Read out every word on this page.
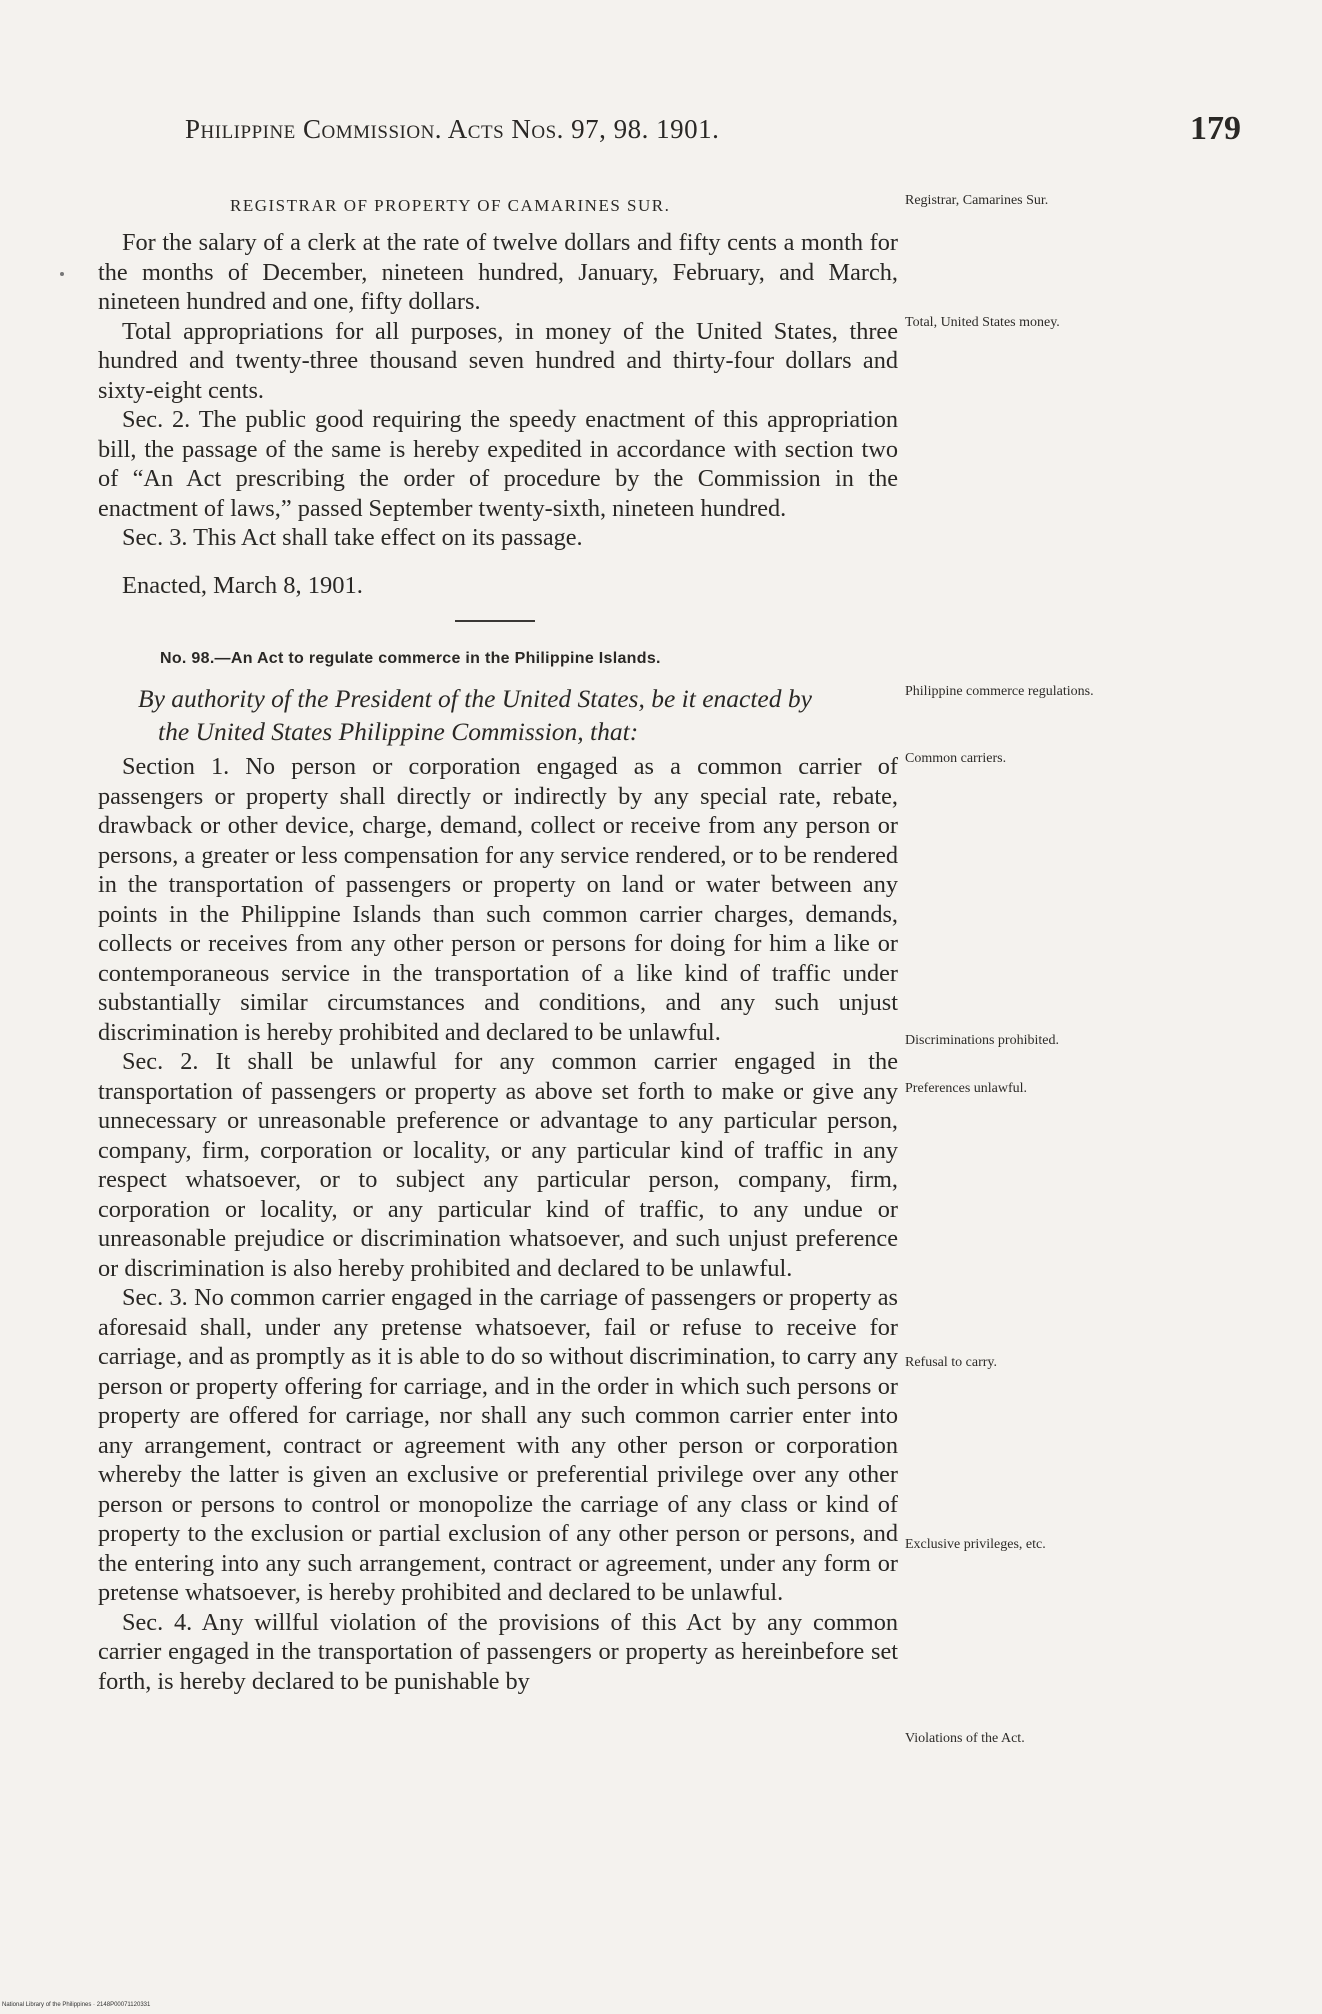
Philippine Commission. Acts Nos. 97, 98. 1901.	179
REGISTRAR OF PROPERTY OF CAMARINES SUR.

For the salary of a clerk at the rate of twelve dollars and fifty cents a month for the months of December, nineteen hundred, January, February, and March, nineteen hundred and one, fifty dollars.

Total appropriations for all purposes, in money of the United States, three hundred and twenty-three thousand seven hundred and thirty-four dollars and sixty-eight cents.

Sec. 2. The public good requiring the speedy enactment of this appropriation bill, the passage of the same is hereby expedited in accordance with section two of “An Act prescribing the order of procedure by the Commission in the enactment of laws,” passed September twenty-sixth, nineteen hundred.

Sec. 3. This Act shall take effect on its passage.

Enacted, March 8, 1901.
No. 98.—An Act to regulate commerce in the Philippine Islands.
By authority of the President of the United States, be it enacted by
the United States Philippine Commission, that:

Section 1. No person or corporation engaged as a common carrier of passengers or property shall directly or indirectly by any special rate, rebate, drawback or other device, charge, demand, collect or receive from any person or persons, a greater or less compensation for any service rendered, or to be rendered in the transportation of passengers or property on land or water between any points in the Philippine Islands than such common carrier charges, demands, collects or receives from any other person or persons for doing for him a like or contemporaneous service in the transportation of a like kind of traffic under substantially similar circumstances and conditions, and any such unjust discrimination is hereby prohibited and declared to be unlawful.

Sec. 2. It shall be unlawful for any common carrier engaged in the transportation of passengers or property as above set forth to make or give any unnecessary or unreasonable preference or advantage to any particular person, company, firm, corporation or locality, or any particular kind of traffic in any respect whatsoever, or to subject any particular person, company, firm, corporation or locality, or any particular kind of traffic, to any undue or unreasonable prejudice or discrimination whatsoever, and such unjust preference or discrimination is also hereby prohibited and declared to be unlawful.

Sec. 3. No common carrier engaged in the carriage of passengers or property as aforesaid shall, under any pretense whatsoever, fail or refuse to receive for carriage, and as promptly as it is able to do so without discrimination, to carry any person or property offering for carriage, and in the order in which such persons or property are offered for carriage, nor shall any such common carrier enter into any arrangement, contract or agreement with any other person or corporation whereby the latter is given an exclusive or preferential privilege over any other person or persons to control or monopolize the carriage of any class or kind of property to the exclusion or partial exclusion of any other person or persons, and the entering into any such arrangement, contract or agreement, under any form or pretense whatsoever, is hereby prohibited and declared to be unlawful.

Sec. 4. Any willful violation of the provisions of this Act by any common carrier engaged in the transportation of passengers or property as hereinbefore set forth, is hereby declared to be punishable by

Registrar, Camarines Sur.
Total, United States money.
Philippine commerce regulations.
Common carriers.
Discriminations prohibited.
Preferences unlawful.
Refusal to carry.
Exclusive privileges, etc.
Violations of the Act.
National Library of the Philippines · 2148P00071120331
